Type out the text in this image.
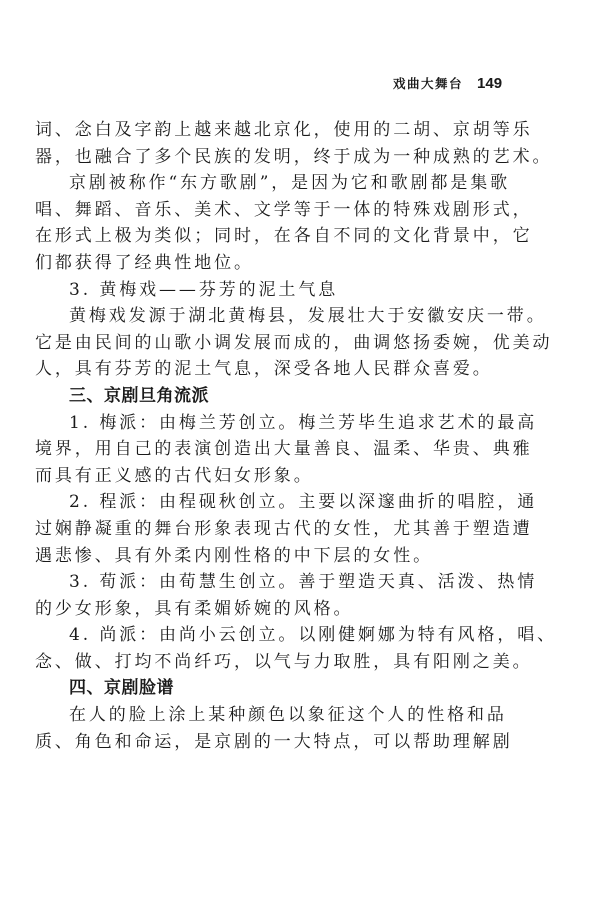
戏曲大舞台 149
词、念白及字韵上越来越北京化，使用的二胡、京胡等乐
器，也融合了多个民族的发明，终于成为一种成熟的艺术。
京剧被称作“东方歌剧”，是因为它和歌剧都是集歌
唱、舞蹈、音乐、美术、文学等于一体的特殊戏剧形式，
在形式上极为类似；同时，在各自不同的文化背景中，它
们都获得了经典性地位。
3. 黄梅戏——芬芳的泥土气息
黄梅戏发源于湖北黄梅县，发展壮大于安徽安庆一带。
它是由民间的山歌小调发展而成的，曲调悠扬委婉，优美动
人，具有芬芳的泥土气息，深受各地人民群众喜爱。
三、京剧旦角流派
1. 梅派：由梅兰芳创立。梅兰芳毕生追求艺术的最高
境界，用自己的表演创造出大量善良、温柔、华贵、典雅
而具有正义感的古代妇女形象。
2. 程派：由程砚秋创立。主要以深邃曲折的唱腔，通
过娴静凝重的舞台形象表现古代的女性，尤其善于塑造遭
遇悲惨、具有外柔内刚性格的中下层的女性。
3. 荀派：由荀慧生创立。善于塑造天真、活泼、热情
的少女形象，具有柔媚娇婉的风格。
4. 尚派：由尚小云创立。以刚健婀娜为特有风格，唱、
念、做、打均不尚纤巧，以气与力取胜，具有阳刚之美。
四、京剧脸谱
在人的脸上涂上某种颜色以象征这个人的性格和品
质、角色和命运，是京剧的一大特点，可以帮助理解剧
